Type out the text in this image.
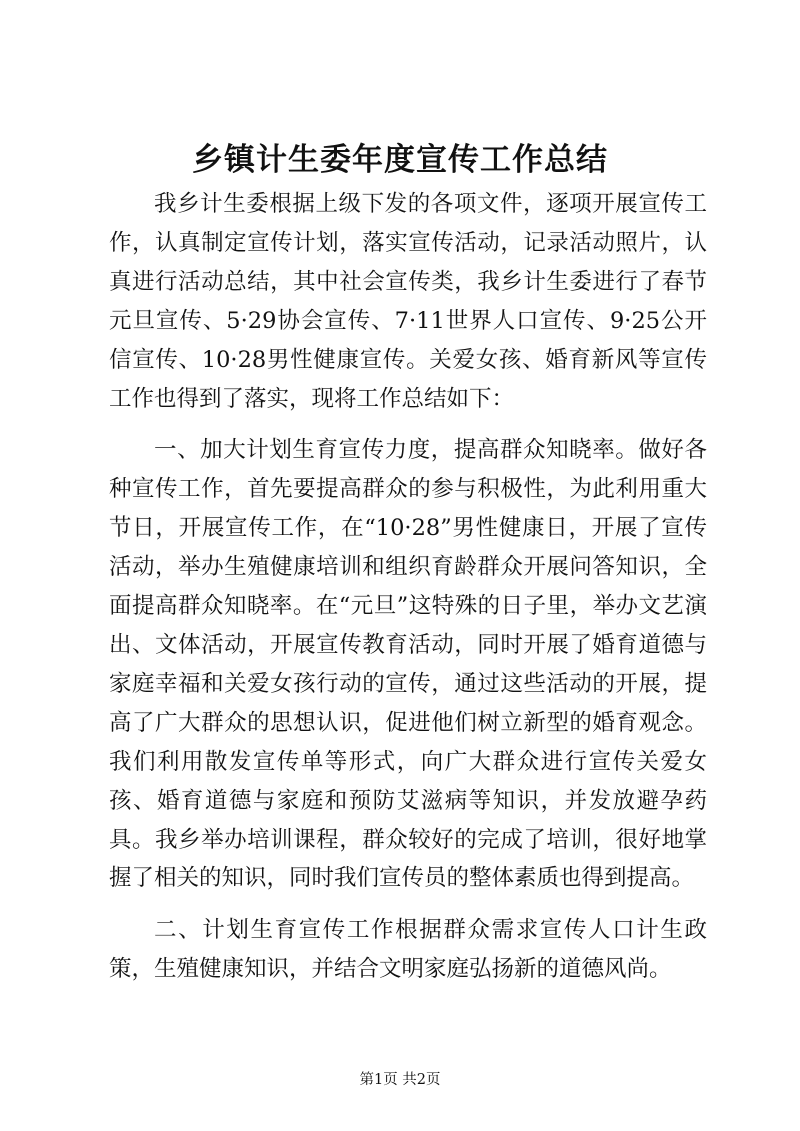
乡镇计生委年度宣传工作总结

我乡计生委根据上级下发的各项文件，逐项开展宣传工作，认真制定宣传计划，落实宣传活动，记录活动照片，认真进行活动总结，其中社会宣传类，我乡计生委进行了春节元旦宣传、5·29协会宣传、7·11世界人口宣传、9·25公开信宣传、10·28男性健康宣传。关爱女孩、婚育新风等宣传工作也得到了落实，现将工作总结如下：

一、加大计划生育宣传力度，提高群众知晓率。做好各种宣传工作，首先要提高群众的参与积极性，为此利用重大节日，开展宣传工作，在“10·28”男性健康日，开展了宣传活动，举办生殖健康培训和组织育龄群众开展问答知识，全面提高群众知晓率。在“元旦”这特殊的日子里，举办文艺演出、文体活动，开展宣传教育活动，同时开展了婚育道德与家庭幸福和关爱女孩行动的宣传，通过这些活动的开展，提高了广大群众的思想认识，促进他们树立新型的婚育观念。我们利用散发宣传单等形式，向广大群众进行宣传关爱女孩、婚育道德与家庭和预防艾滋病等知识，并发放避孕药具。我乡举办培训课程，群众较好的完成了培训，很好地掌握了相关的知识，同时我们宣传员的整体素质也得到提高。

二、计划生育宣传工作根据群众需求宣传人口计生政策，生殖健康知识，并结合文明家庭弘扬新的道德风尚。

第1页 共2页
